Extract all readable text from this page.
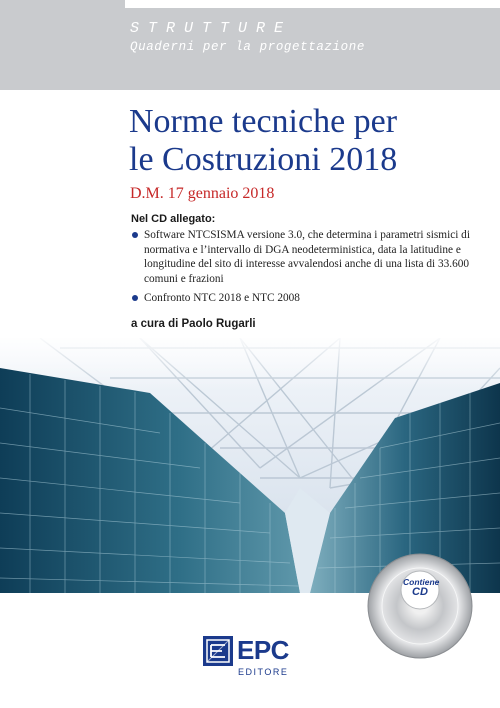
STRUTTURE
Quaderni per la progettazione
Norme tecniche per
le Costruzioni 2018
D.M. 17 gennaio 2018
Nel CD allegato:
Software NTCSISMA versione 3.0, che determina i parametri sismici di normativa e l’intervallo di DGA neodeterministica, data la latitudine e longitudine del sito di interesse avvalendosi anche di una lista di 33.600 comuni e frazioni
Confronto NTC 2018 e NTC 2008
a cura di Paolo Rugarli
Contiene
CD
EPC
EDITORE
